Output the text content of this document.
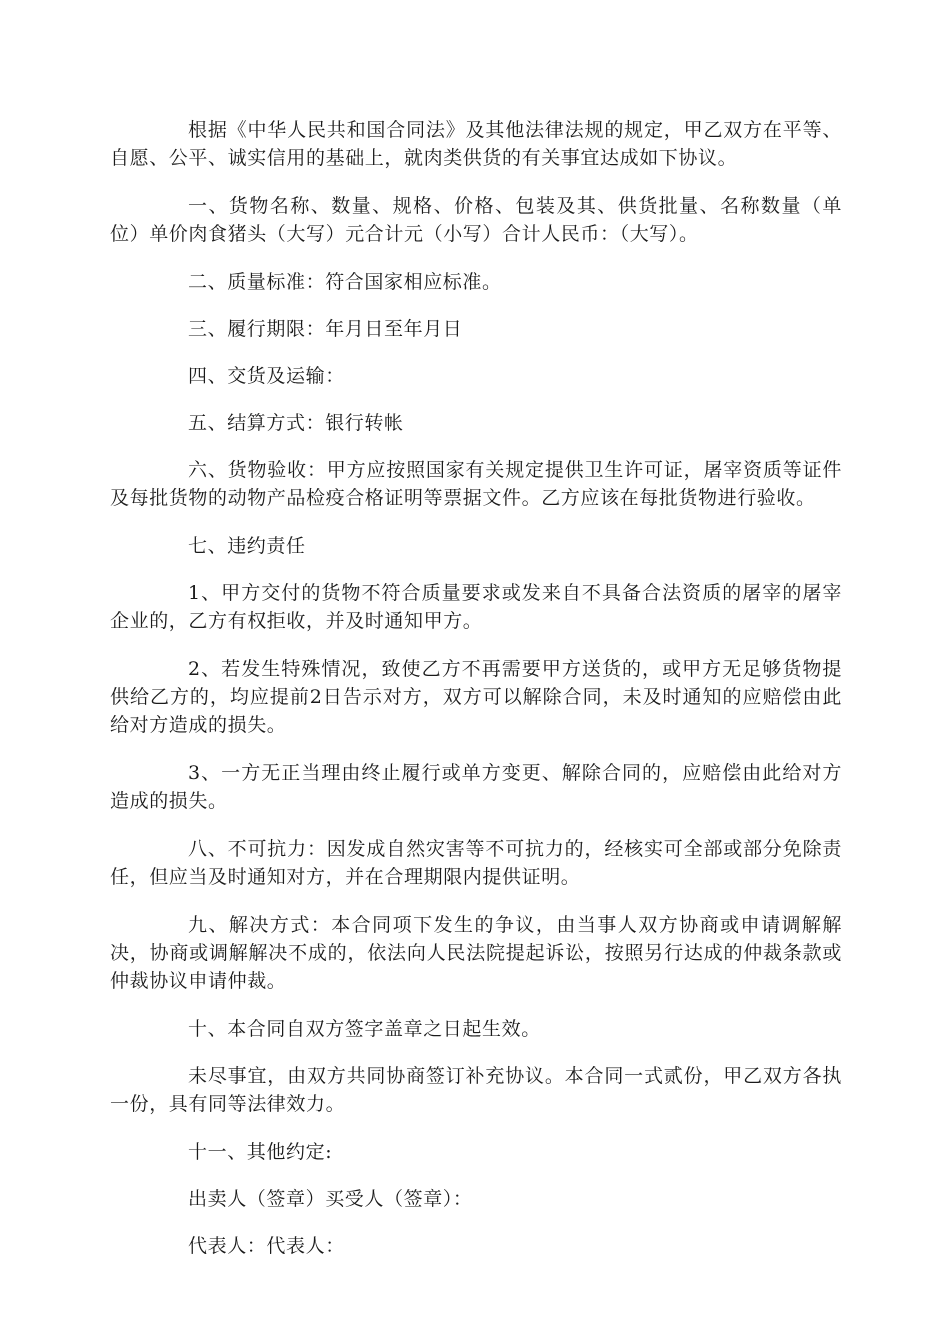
根据《中华人民共和国合同法》及其他法律法规的规定，甲乙双方在平等、自愿、公平、诚实信用的基础上，就肉类供货的有关事宜达成如下协议。

一、货物名称、数量、规格、价格、包装及其、供货批量、名称数量（单位）单价肉食猪头（大写）元合计元（小写）合计人民币：（大写）。

二、质量标准：符合国家相应标准。

三、履行期限：年月日至年月日

四、交货及运输：

五、结算方式：银行转帐

六、货物验收：甲方应按照国家有关规定提供卫生许可证，屠宰资质等证件及每批货物的动物产品检疫合格证明等票据文件。乙方应该在每批货物进行验收。

七、违约责任

1、甲方交付的货物不符合质量要求或发来自不具备合法资质的屠宰的屠宰企业的，乙方有权拒收，并及时通知甲方。

2、若发生特殊情况，致使乙方不再需要甲方送货的，或甲方无足够货物提供给乙方的，均应提前2日告示对方，双方可以解除合同，未及时通知的应赔偿由此给对方造成的损失。

3、一方无正当理由终止履行或单方变更、解除合同的，应赔偿由此给对方造成的损失。

八、不可抗力：因发成自然灾害等不可抗力的，经核实可全部或部分免除责任，但应当及时通知对方，并在合理期限内提供证明。

九、解决方式：本合同项下发生的争议，由当事人双方协商或申请调解解决，协商或调解解决不成的，依法向人民法院提起诉讼，按照另行达成的仲裁条款或仲裁协议申请仲裁。

十、本合同自双方签字盖章之日起生效。

未尽事宜，由双方共同协商签订补充协议。本合同一式贰份，甲乙双方各执一份，具有同等法律效力。

十一、其他约定:

出卖人（签章）买受人（签章）：

代表人：代表人：
